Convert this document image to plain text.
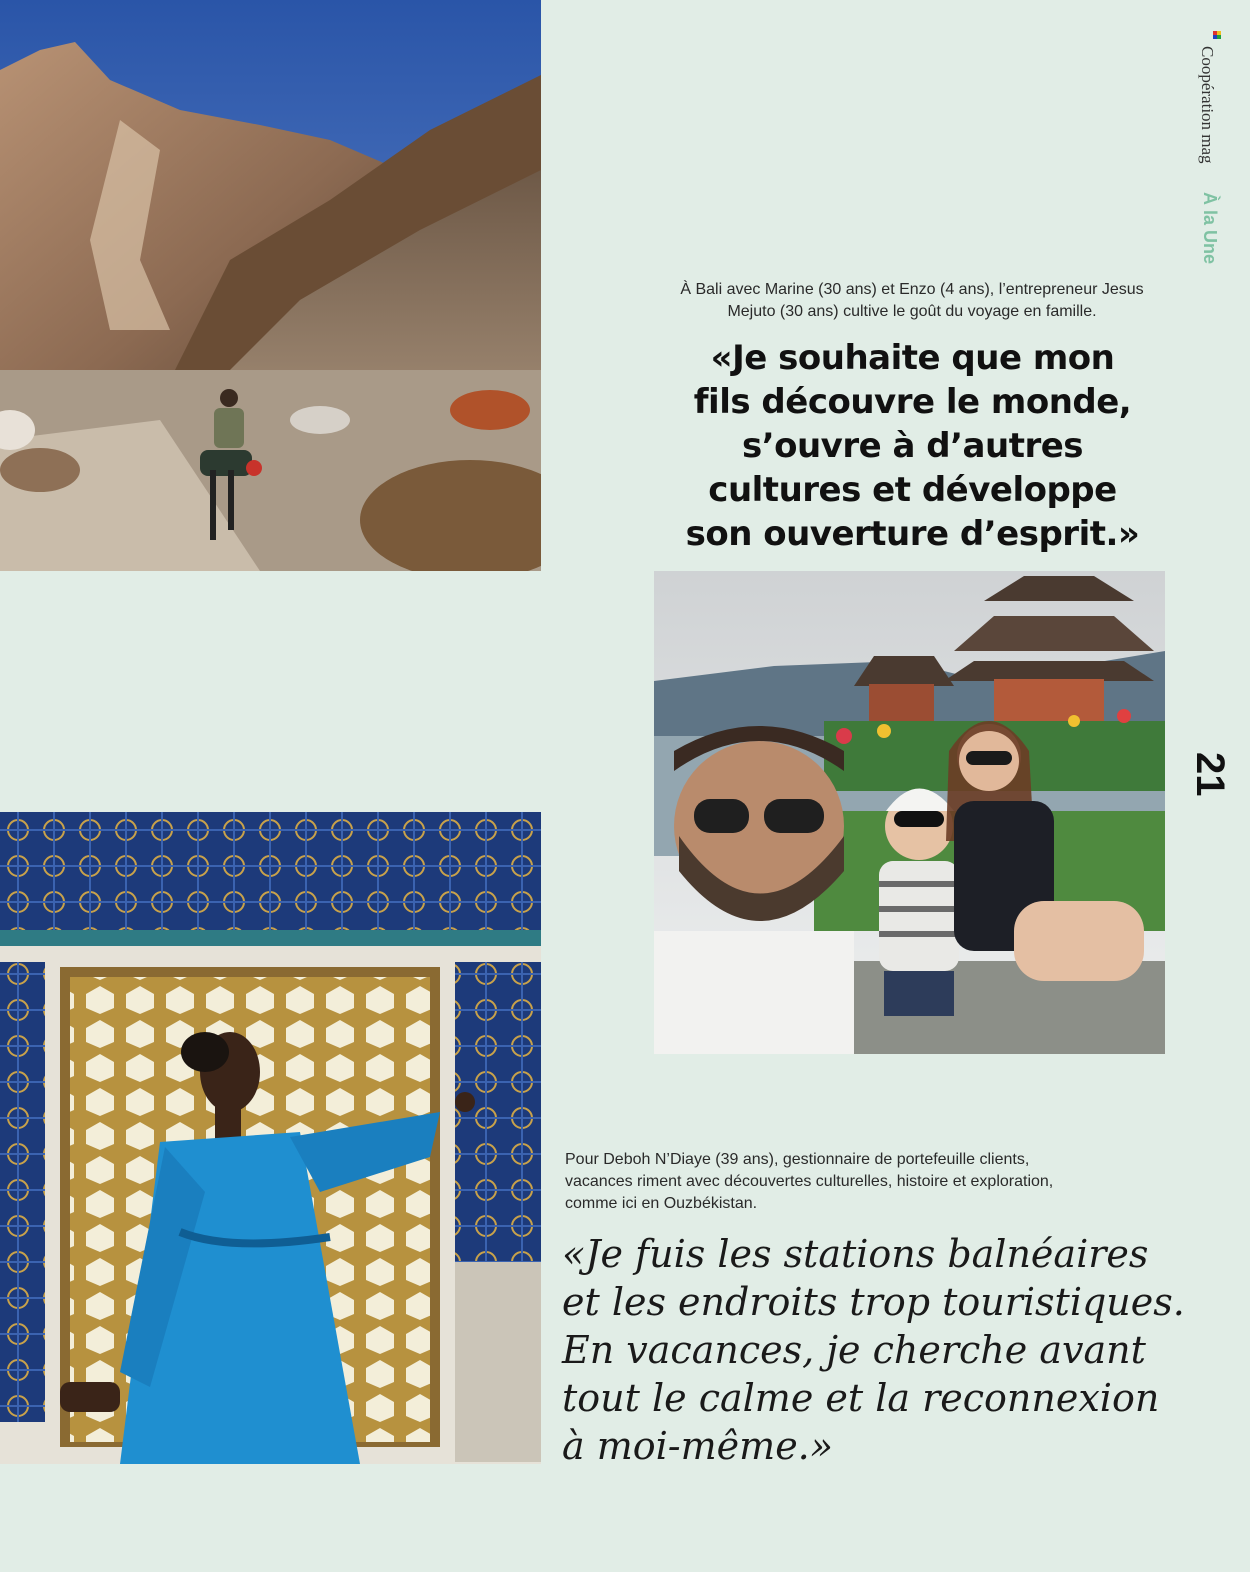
À Bali avec Marine (30 ans) et Enzo (4 ans), l’entrepreneur Jesus Mejuto (30 ans) cultive le goût du voyage en famille.
«Je souhaite que mon
fils découvre le monde,
s’ouvre à d’autres
cultures et développe
son ouverture d’esprit.»
Pour Deboh N’Diaye (39 ans), gestionnaire de portefeuille clients,
vacances riment avec découvertes culturelles, histoire et exploration,
comme ici en Ouzbékistan.
«Je fuis les stations balnéaires
et les endroits trop touristiques.
En vacances, je cherche avant
tout le calme et la reconnexion
à moi-même.»
Coopération mag
À la Une
21
